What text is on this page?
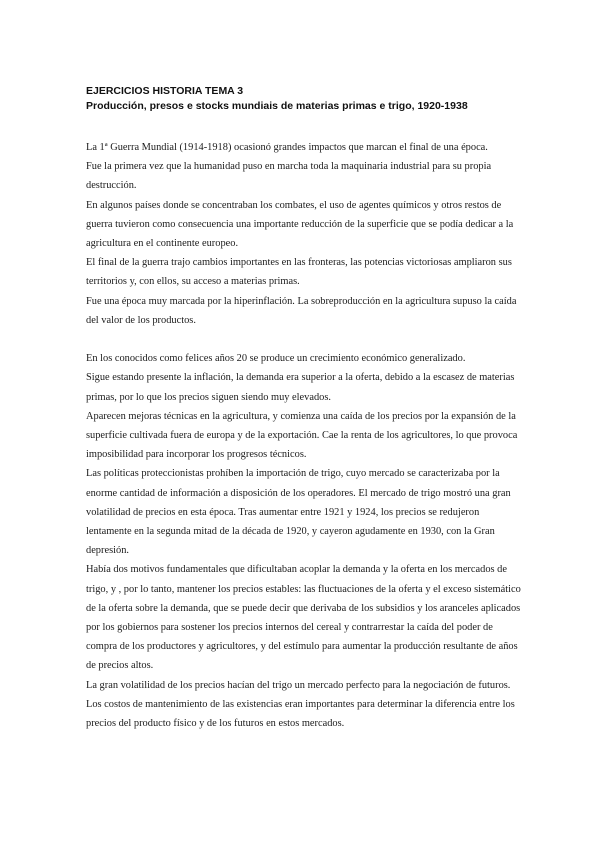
EJERCICIOS HISTORIA TEMA 3
Producción, presos e stocks mundiais de materias primas e trigo, 1920-1938

La 1ª Guerra Mundial (1914-1918) ocasionó grandes impactos que marcan el final de una época.

Fue la primera vez que la humanidad puso en marcha toda la maquinaria industrial para su propia destrucción.

En algunos países donde se concentraban los combates, el uso de agentes químicos y otros restos de guerra tuvieron como consecuencia una importante reducción de la superficie que se podía dedicar a la agricultura en el continente europeo.

El final de la guerra trajo cambios importantes en las fronteras, las potencias victoriosas ampliaron sus territorios y, con ellos, su acceso a materias primas.

Fue una época muy marcada por la hiperinflación. La sobreproducción en la agricultura supuso la caída del valor de los productos.

En los conocidos como felices años 20 se produce un crecimiento económico generalizado.

Sigue estando presente la inflación, la demanda era superior a la oferta, debido a la escasez de materias primas, por lo que los precios siguen siendo muy elevados.

Aparecen mejoras técnicas en la agricultura, y comienza una caída de los precios por la expansión de la superficie cultivada fuera de europa y de la exportación. Cae la renta de los agricultores, lo que provoca imposibilidad para incorporar los progresos técnicos.

Las políticas proteccionistas prohíben la importación de trigo, cuyo mercado se caracterizaba por la enorme cantidad de información a disposición de los operadores. El mercado de trigo mostró una gran volatilidad de precios en esta época. Tras aumentar entre 1921 y 1924, los precios se redujeron lentamente en la segunda mitad de la década de 1920, y cayeron agudamente en 1930, con la Gran depresión.

Había dos motivos fundamentales que dificultaban acoplar la demanda y la oferta en los mercados de trigo, y , por lo tanto, mantener los precios estables: las fluctuaciones de la oferta y el exceso sistemático de la oferta sobre la demanda, que se puede decir que derivaba de los subsidios y los aranceles aplicados por los gobiernos para sostener los precios internos del cereal y contrarrestar la caída del poder de compra de los productores y agricultores, y del estímulo para aumentar la producción resultante de años de precios altos.

La gran volatilidad de los precios hacían del trigo un mercado perfecto para la negociación de futuros. Los costos de mantenimiento de las existencias eran importantes para determinar la diferencia entre los precios del producto físico y de los futuros en estos mercados.
